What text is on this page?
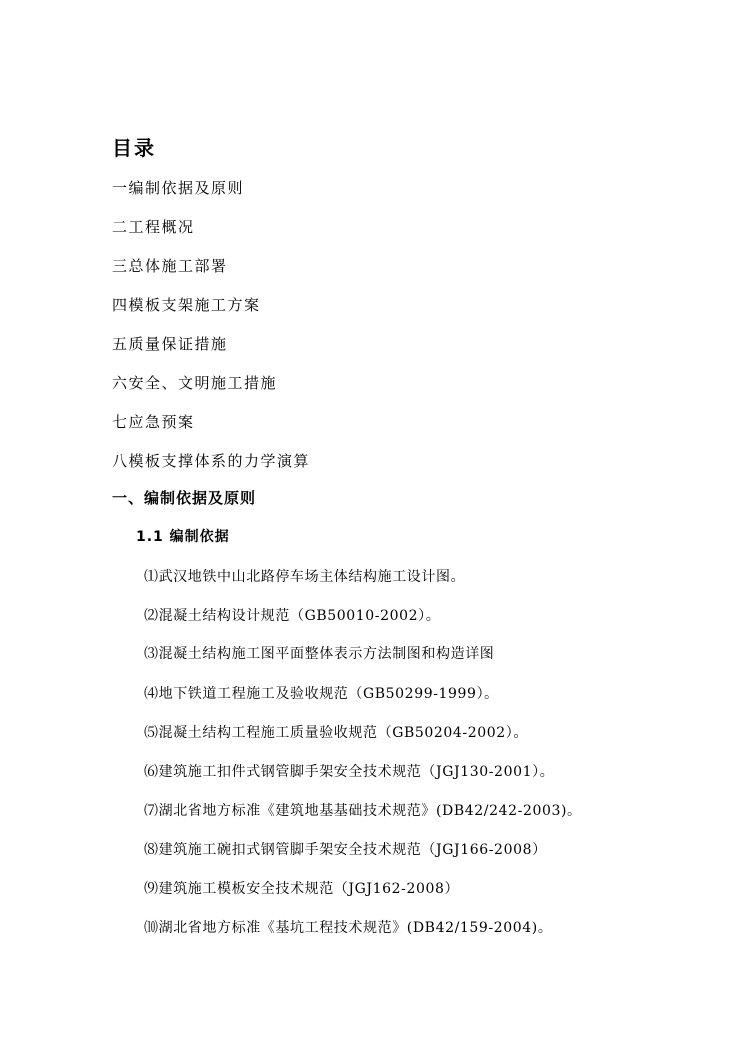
目录
一编制依据及原则
二工程概况
三总体施工部署
四模板支架施工方案
五质量保证措施
六安全、文明施工措施
七应急预案
八模板支撑体系的力学演算
一、编制依据及原则
1.1 编制依据
⑴武汉地铁中山北路停车场主体结构施工设计图。
⑵混凝土结构设计规范（GB50010-2002）。
⑶混凝土结构施工图平面整体表示方法制图和构造详图
⑷地下铁道工程施工及验收规范（GB50299-1999）。
⑸混凝土结构工程施工质量验收规范（GB50204-2002）。
⑹建筑施工扣件式钢管脚手架安全技术规范（JGJ130-2001）。
⑺湖北省地方标准《建筑地基基础技术规范》(DB42/242-2003)。
⑻建筑施工碗扣式钢管脚手架安全技术规范（JGJ166-2008）
⑼建筑施工模板安全技术规范（JGJ162-2008）
⑽湖北省地方标准《基坑工程技术规范》(DB42/159-2004)。
